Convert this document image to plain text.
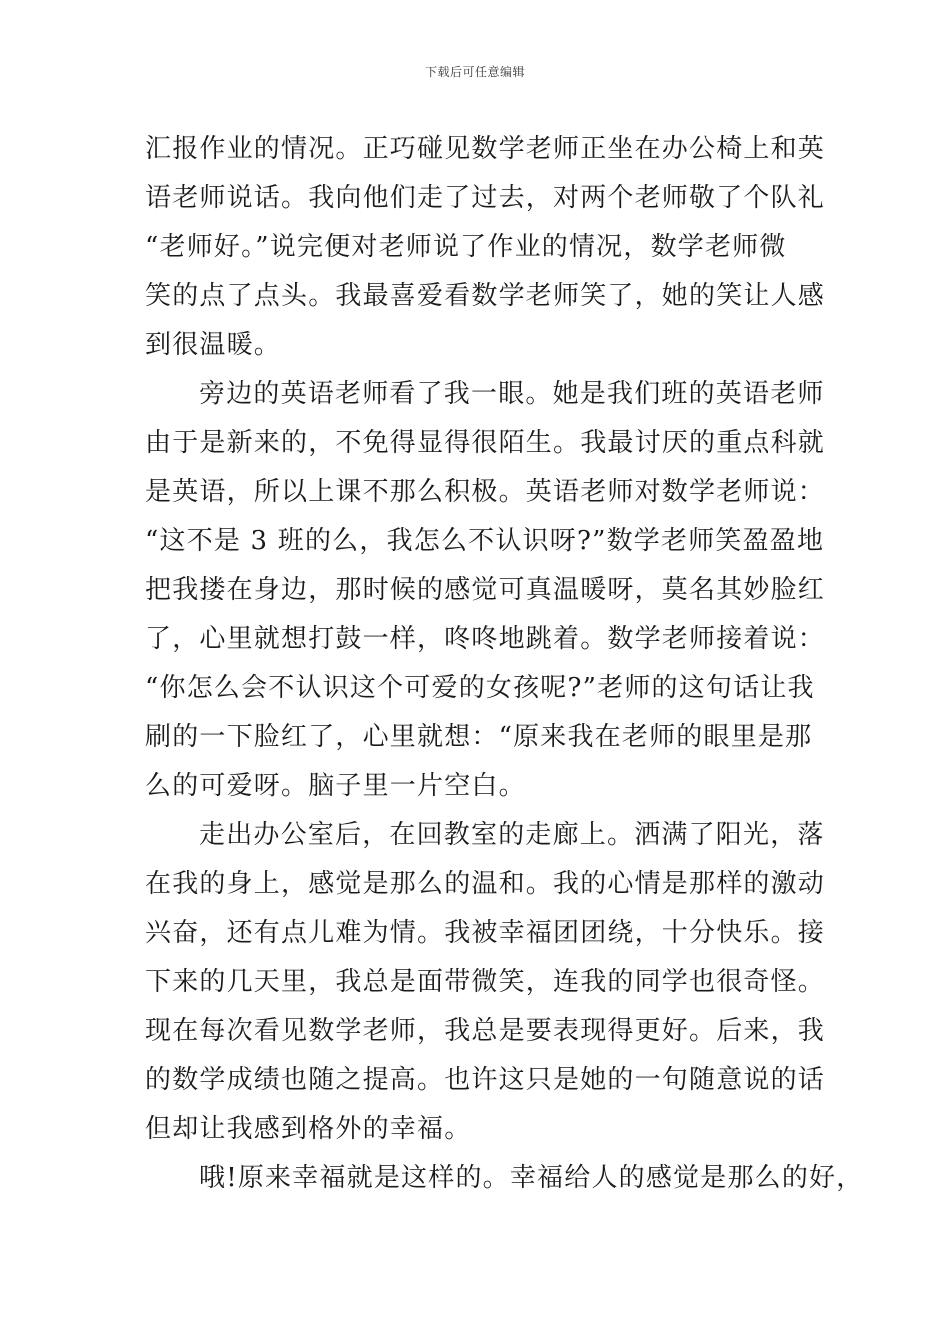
下载后可任意编辑
汇报作业的情况。正巧碰见数学老师正坐在办公椅上和英
语老师说话。我向他们走了过去，对两个老师敬了个队礼
“老师好。”说完便对老师说了作业的情况，数学老师微
笑的点了点头。我最喜爱看数学老师笑了，她的笑让人感
到很温暖。
旁边的英语老师看了我一眼。她是我们班的英语老师
由于是新来的，不免得显得很陌生。我最讨厌的重点科就
是英语，所以上课不那么积极。英语老师对数学老师说：
“这不是 3 班的么，我怎么不认识呀?”数学老师笑盈盈地
把我搂在身边，那时候的感觉可真温暖呀，莫名其妙脸红
了，心里就想打鼓一样，咚咚地跳着。数学老师接着说：
“你怎么会不认识这个可爱的女孩呢?”老师的这句话让我
刷的一下脸红了，心里就想：“原来我在老师的眼里是那
么的可爱呀。脑子里一片空白。
走出办公室后，在回教室的走廊上。洒满了阳光，落
在我的身上，感觉是那么的温和。我的心情是那样的激动
兴奋，还有点儿难为情。我被幸福团团绕，十分快乐。接
下来的几天里，我总是面带微笑，连我的同学也很奇怪。
现在每次看见数学老师，我总是要表现得更好。后来，我
的数学成绩也随之提高。也许这只是她的一句随意说的话
但却让我感到格外的幸福。
哦!原来幸福就是这样的。幸福给人的感觉是那么的好，
